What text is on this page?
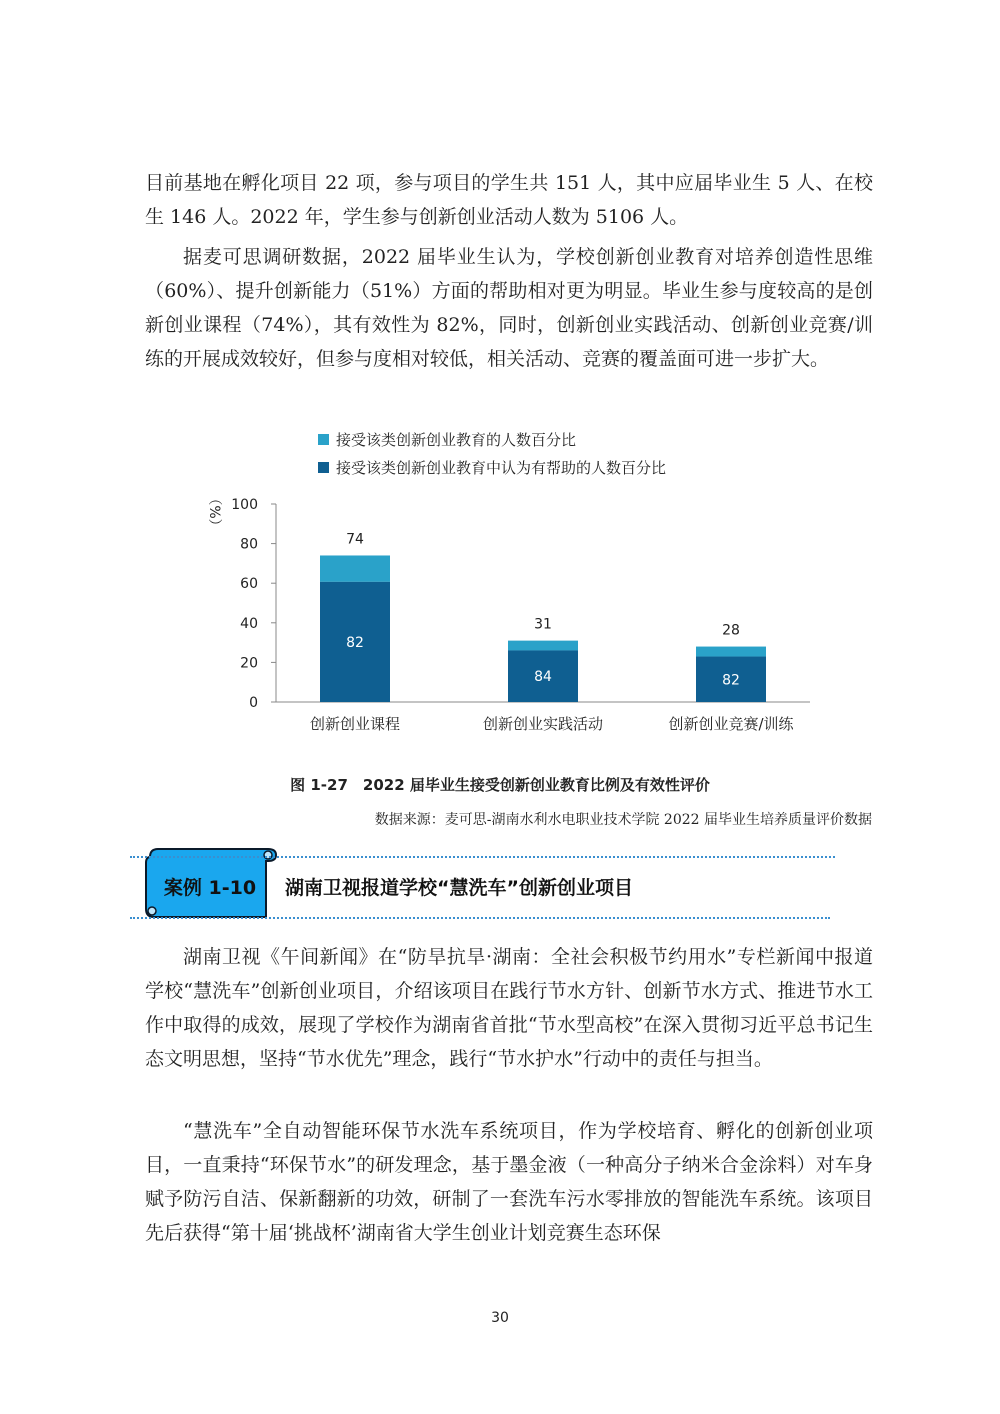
目前基地在孵化项目 22 项，参与项目的学生共 151 人，其中应届毕业生 5 人、在校生 146 人。2022 年，学生参与创新创业活动人数为 5106 人。

据麦可思调研数据，2022 届毕业生认为，学校创新创业教育对培养创造性思维（60%）、提升创新能力（51%）方面的帮助相对更为明显。毕业生参与度较高的是创新创业课程（74%），其有效性为 82%，同时，创新创业实践活动、创新创业竞赛/训练的开展成效较好，但参与度相对较低，相关活动、竞赛的覆盖面可进一步扩大。

接受该类创新创业教育的人数百分比
接受该类创新创业教育中认为有帮助的人数百分比
0
20
40
60
80
100
（%）
74
82
创新创业课程
31
84
创新创业实践活动
28
82
创新创业竞赛/训练
图 1-27　2022 届毕业生接受创新创业教育比例及有效性评价
数据来源：麦可思-湖南水利水电职业技术学院 2022 届毕业生培养质量评价数据
案例 1-10	湖南卫视报道学校“慧洗车”创新创业项目

湖南卫视《午间新闻》在“防旱抗旱·湖南：全社会积极节约用水”专栏新闻中报道学校“慧洗车”创新创业项目，介绍该项目在践行节水方针、创新节水方式、推进节水工作中取得的成效，展现了学校作为湖南省首批“节水型高校”在深入贯彻习近平总书记生态文明思想，坚持“节水优先”理念，践行“节水护水”行动中的责任与担当。

“慧洗车”全自动智能环保节水洗车系统项目，作为学校培育、孵化的创新创业项目，一直秉持“环保节水”的研发理念，基于墨金液（一种高分子纳米合金涂料）对车身赋予防污自洁、保新翻新的功效，研制了一套洗车污水零排放的智能洗车系统。该项目先后获得“第十届‘挑战杯’湖南省大学生创业计划竞赛生态环保

30
